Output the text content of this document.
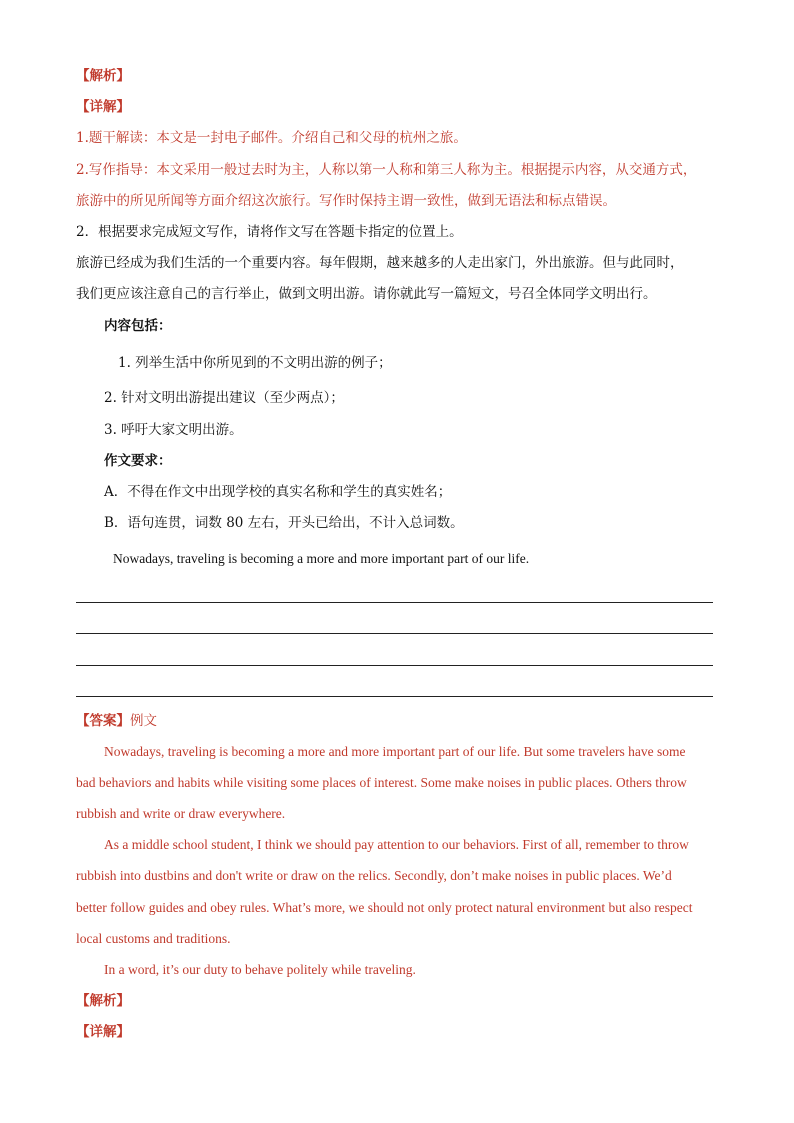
【解析】
【详解】
1.题干解读：本文是一封电子邮件。介绍自己和父母的杭州之旅。
2.写作指导：本文采用一般过去时为主，人称以第一人称和第三人称为主。根据提示内容，从交通方式，
旅游中的所见所闻等方面介绍这次旅行。写作时保持主谓一致性，做到无语法和标点错误。
2．根据要求完成短文写作，请将作文写在答题卡指定的位置上。
旅游已经成为我们生活的一个重要内容。每年假期，越来越多的人走出家门，外出旅游。但与此同时，
我们更应该注意自己的言行举止，做到文明出游。请你就此写一篇短文，号召全体同学文明出行。
内容包括：
1. 列举生活中你所见到的不文明出游的例子；
2. 针对文明出游提出建议（至少两点）；
3. 呼吁大家文明出游。
作文要求：
A．不得在作文中出现学校的真实名称和学生的真实姓名；
B．语句连贯，词数 80 左右，开头已给出，不计入总词数。
Nowadays, traveling is becoming a more and more important part of our life.
【答案】例文
Nowadays, traveling is becoming a more and more important part of our life. But some travelers have some
bad behaviors and habits while visiting some places of interest. Some make noises in public places. Others throw
rubbish and write or draw everywhere.
As a middle school student, I think we should pay attention to our behaviors. First of all, remember to throw
rubbish into dustbins and don't write or draw on the relics. Secondly, don’t make noises in public places. We’d
better follow guides and obey rules. What’s more, we should not only protect natural environment but also respect
local customs and traditions.
In a word, it’s our duty to behave politely while traveling.
【解析】
【详解】
